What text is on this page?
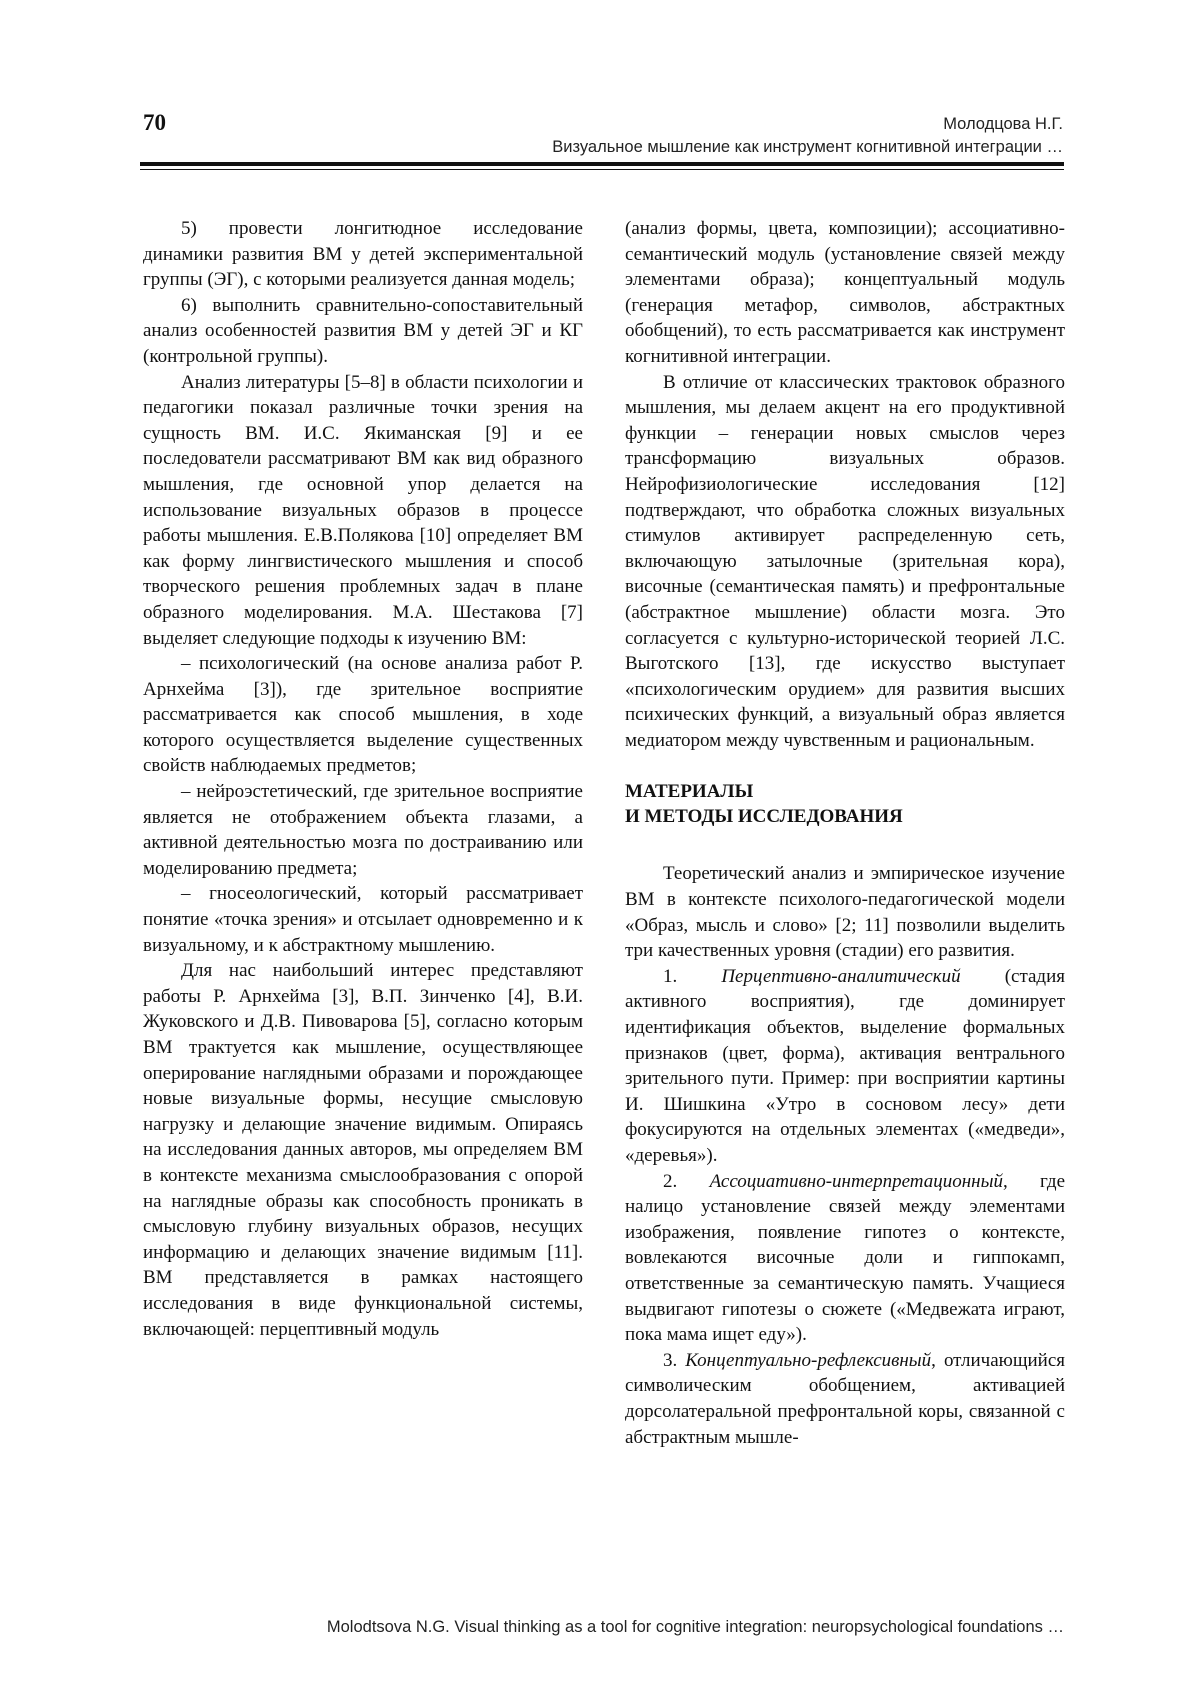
70	Молодцова Н.Г.
Визуальное мышление как инструмент когнитивной интеграции …

5) провести лонгитюдное исследование динамики развития ВМ у детей экспериментальной группы (ЭГ), с которыми реализуется данная модель;

6) выполнить сравнительно-сопоставительный анализ особенностей развития ВМ у детей ЭГ и КГ (контрольной группы).

Анализ литературы [5–8] в области психологии и педагогики показал различные точки зрения на сущность ВМ. И.С. Якиманская [9] и ее последователи рассматривают ВМ как вид образного мышления, где основной упор делается на использование визуальных образов в процессе работы мышления. Е.В.Полякова [10] определяет ВМ как форму лингвистического мышления и способ творческого решения проблемных задач в плане образного моделирования. М.А. Шестакова [7] выделяет следующие подходы к изучению ВМ:

– психологический (на основе анализа работ Р. Арнхейма [3]), где зрительное восприятие рассматривается как способ мышления, в ходе которого осуществляется выделение существенных свойств наблюдаемых предметов;

– нейроэстетический, где зрительное восприятие является не отображением объекта глазами, а активной деятельностью мозга по достраиванию или моделированию предмета;

– гносеологический, который рассматривает понятие «точка зрения» и отсылает одновременно и к визуальному, и к абстрактному мышлению.

Для нас наибольший интерес представляют работы Р. Арнхейма [3], В.П. Зинченко [4], В.И. Жуковского и Д.В. Пивоварова [5], согласно которым ВМ трактуется как мышление, осуществляющее оперирование наглядными образами и порождающее новые визуальные формы, несущие смысловую нагрузку и делающие значение видимым. Опираясь на исследования данных авторов, мы определяем ВМ в контексте механизма смыслообразования с опорой на наглядные образы как способность проникать в смысловую глубину визуальных образов, несущих информацию и делающих значение видимым [11]. ВМ представляется в рамках настоящего исследования в виде функциональной системы, включающей: перцептивный модуль

(анализ формы, цвета, композиции); ассоциативно-семантический модуль (установление связей между элементами образа); концептуальный модуль (генерация метафор, символов, абстрактных обобщений), то есть рассматривается как инструмент когнитивной интеграции.

В отличие от классических трактовок образного мышления, мы делаем акцент на его продуктивной функции – генерации новых смыслов через трансформацию визуальных образов. Нейрофизиологические исследования [12] подтверждают, что обработка сложных визуальных стимулов активирует распределенную сеть, включающую затылочные (зрительная кора), височные (семантическая память) и префронтальные (абстрактное мышление) области мозга. Это согласуется с культурно-исторической теорией Л.С. Выготского [13], где искусство выступает «психологическим орудием» для развития высших психических функций, а визуальный образ является медиатором между чувственным и рациональным.

МАТЕРИАЛЫ
И МЕТОДЫ ИССЛЕДОВАНИЯ

Теоретический анализ и эмпирическое изучение ВМ в контексте психолого-педагогической модели «Образ, мысль и слово» [2; 11] позволили выделить три качественных уровня (стадии) его развития.

1. Перцептивно-аналитический (стадия активного восприятия), где доминирует идентификация объектов, выделение формальных признаков (цвет, форма), активация вентрального зрительного пути. Пример: при восприятии картины И. Шишкина «Утро в сосновом лесу» дети фокусируются на отдельных элементах («медведи», «деревья»).

2. Ассоциативно-интерпретационный, где налицо установление связей между элементами изображения, появление гипотез о контексте, вовлекаются височные доли и гиппокамп, ответственные за семантическую память. Учащиеся выдвигают гипотезы о сюжете («Медвежата играют, пока мама ищет еду»).

3. Концептуально-рефлексивный, отличающийся символическим обобщением, активацией дорсолатеральной префронтальной коры, связанной с абстрактным мышле-

Molodtsova N.G. Visual thinking as a tool for cognitive integration: neuropsychological foundations …
